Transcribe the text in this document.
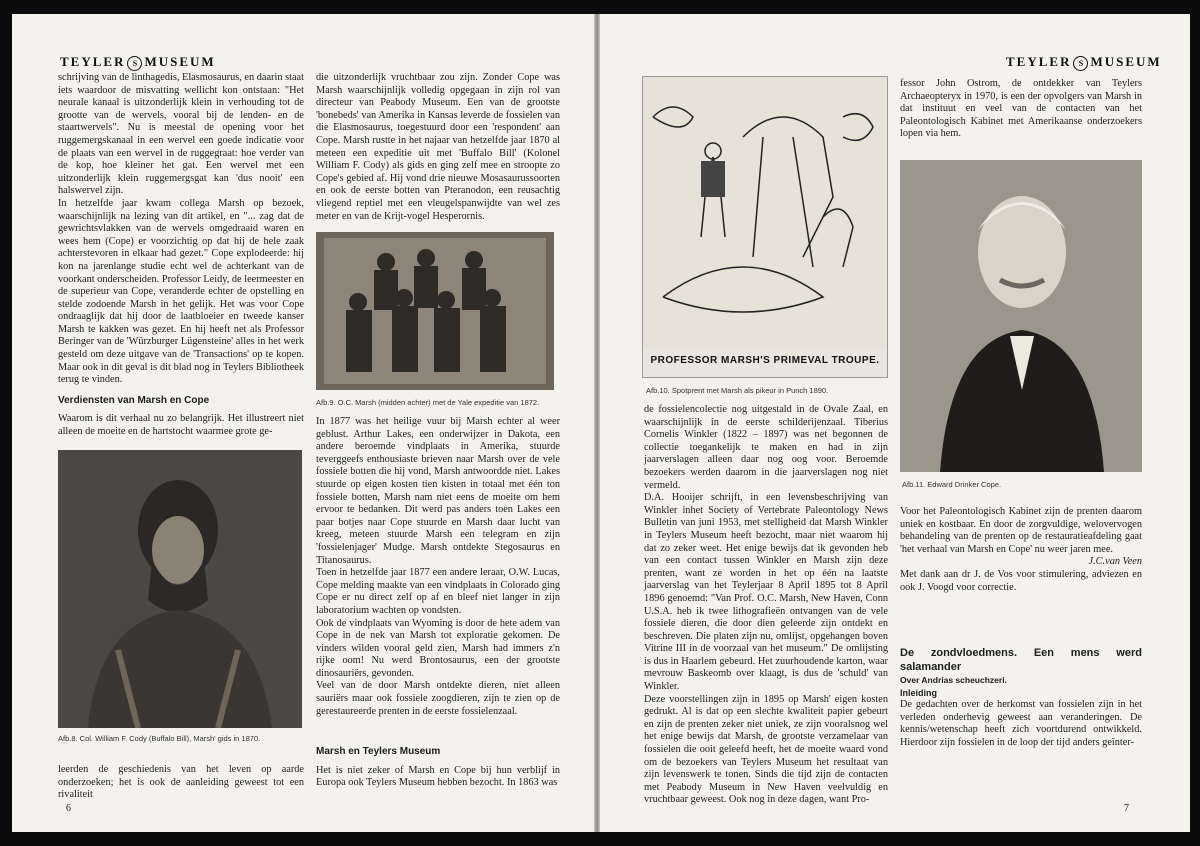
TEYLER S MUSEUM

schrijving van de linthagedis, Elasmosaurus, en daarin staat iets waardoor de misvatting wellicht kon ontstaan: "Het neurale kanaal is uitzonderlijk klein in verhouding tot de grootte van de wervels, vooral bij de lenden- en de staartwervels". Nu is meestal de opening voor het ruggemergskanaal in een wervel een goede indicatie voor de plaats van een wervel in de ruggegraat: hoe verder van de kop, hoe kleiner het gat. Een wervel met een uitzonderlijk klein ruggemergsgat kan 'dus nooit' een halswervel zijn.

In hetzelfde jaar kwam collega Marsh op bezoek, waarschijnlijk na lezing van dit artikel, en "... zag dat de gewrichtsvlakken van de wervels omgedraaid waren en wees hem (Cope) er voorzichtig op dat hij de hele zaak achterstevoren in elkaar had gezet." Cope explodeerde: hij kon na jarenlange studie echt wel de achterkant van de voorkant onderscheiden. Professor Leidy, de leermeester en de superieur van Cope, veranderde echter de opstelling en stelde zodoende Marsh in het gelijk. Het was voor Cope ondraaglijk dat hij door de laatbloeier en tweede kanser Marsh te kakken was gezet. En hij heeft net als Professor Beringer van de 'Würzburger Lügensteine' alles in het werk gesteld om deze uitgave van de 'Transactions' op te kopen. Maar ook in dit geval is dit blad nog in Teylers Bibliotheek terug te vinden.

Verdiensten van Marsh en Cope

Waarom is dit verhaal nu zo belangrijk. Het illustreert niet alleen de moeite en de hartstocht waarmee grote ge-

Afb.8. Col. William F. Cody (Buffalo Bill), Marsh' gids in 1870.

leerden de geschiedenis van het leven op aarde onderzoeken; het is ook de aanleiding geweest tot een rivaliteit

die uitzonderlijk vruchtbaar zou zijn. Zonder Cope was Marsh waarschijnlijk volledig opgegaan in zijn rol van directeur van Peabody Museum. Een van de grootste 'bonebeds' van Amerika in Kansas leverde de fossielen van die Elasmosaurus, toegestuurd door een 'respondent' aan Cope. Marsh rustte in het najaar van hetzelfde jaar 1870 al meteen een expeditie uit met 'Buffalo Bill' (Kolonel William F. Cody) als gids en ging zelf mee en stroopte zo Cope's gebied af. Hij vond drie nieuwe Mosasaurussoorten en ook de eerste botten van Pteranodon, een reusachtig vliegend reptiel met een vleugelspanwijdte van wel zes meter en van de Krijt-vogel Hesperornis.

Afb.9. O.C. Marsh (midden achter) met de Yale expeditie van 1872.

In 1877 was het heilige vuur bij Marsh echter al weer geblust. Arthur Lakes, een onderwijzer in Dakota, een andere beroemde vindplaats in Amerika, stuurde teverggeefs enthousiaste brieven naar Marsh over de vele fossiele botten die hij vond, Marsh antwoordde niet. Lakes stuurde op eigen kosten tien kisten in totaal met één ton fossiele botten, Marsh nam niet eens de moeite om hem ervoor te bedanken. Dit werd pas anders toen Lakes een paar botjes naar Cope stuurde en Marsh daar lucht van kreeg, meteen stuurde Marsh een telegram en zijn 'fossielenjager' Mudge. Marsh ontdekte Stegosaurus en Titanosaurus.

Toen in hetzelfde jaar 1877 een andere leraar, O.W. Lucas, Cope melding maakte van een vindplaats in Colorado ging Cope er nu direct zelf op af en bleef niet langer in zijn laboratorium wachten op vondsten.

Ook de vindplaats van Wyoming is door de hete adem van Cope in de nek van Marsh tot exploratie gekomen. De vinders wilden vooral geld zien, Marsh had immers z'n rijke oom! Nu werd Brontosaurus, een der grootste dinosauriërs, gevonden.

Veel van de door Marsh ontdekte dieren, niet alleen sauriërs maar ook fossiele zoogdieren, zijn te zien op de gerestaureerde prenten in de eerste fossielenzaal.

Marsh en Teylers Museum

Het is niet zeker of Marsh en Cope bij hun verblijf in Europa ook Teylers Museum hebben bezocht. In 1863 was

6
TEYLER S MUSEUM
PROFESSOR MARSH'S PRIMEVAL TROUPE.
Afb.10. Spotprent met Marsh als pikeur in Punch 1890.

de fossielencolectie nog uitgestald in de Ovale Zaal, en waarschijnlijk in de eerste schilderijenzaal. Tiberius Cornelis Winkler (1822 – 1897) was net begonnen de collectie toegankelijk te maken en had in zijn jaarverslagen alleen daar nog oog voor. Beroemde bezoekers werden daarom in die jaarverslagen nog niet vermeld.

D.A. Hooijer schrijft, in een levensbeschrijving van Winkler inhet Society of Vertebrate Paleontology News Bulletin van juni 1953, met stelligheid dat Marsh Winkler in Teylers Museum heeft bezocht, maar niet waarom hij dat zo zeker weet. Het enige bewijs dat ik gevonden heb van een contact tussen Winkler en Marsh zijn deze prenten, want ze worden in het op één na laatste jaarverslag van het Teylerjaar 8 April 1895 tot 8 April 1896 genoemd: "Van Prof. O.C. Marsh, New Haven, Conn U.S.A. heb ik twee lithografieën ontvangen van de vele fossiele dieren, die door dien geleerde zijn ontdekt en beschreven. Die platen zijn nu, omlijst, opgehangen boven Vitrine III in de voorzaal van het museum." De omlijsting is dus in Haarlem gebeurd. Het zuurhoudende karton, waar mevrouw Baskeomb over klaagt, is dus de 'schuld' van Winkler.

Deze voorstellingen zijn in 1895 op Marsh' eigen kosten gedrukt. Al is dat op een slechte kwaliteit papier gebeurt en zijn de prenten zeker niet uniek, ze zijn vooralsnog wel het enige bewijs dat Marsh, de grootste verzamelaar van fossielen die ooit geleefd heeft, het de moeite waard vond om de bezoekers van Teylers Museum het resultaat van zijn levenswerk te tonen. Sinds die tijd zijn de contacten met Peabody Museum in New Haven veelvuldig en vruchtbaar geweest. Ook nog in deze dagen, want Pro-

fessor John Ostrom, de ontdekker van Teylers Archaeopteryx in 1970, is een der opvolgers van Marsh in dat instituut en veel van de contacten van het Paleontologisch Kabinet met Amerikaanse onderzoekers lopen via hem.

Afb.11. Edward Drinker Cope.

Voor het Paleontologisch Kabinet zijn de prenten daarom uniek en kostbaar. En door de zorgvuldige, welovervogen behandeling van de prenten op de restauratieafdeling gaat 'het verhaal van Marsh en Cope' nu weer jaren mee.

J.C.van Veen

Met dank aan dr J. de Vos voor stimulering, adviezen en ook J. Voogd voor correctie.

De zondvloedmens. Een mens werd salamander

Over Andrias scheuchzeri.

Inleiding

De gedachten over de herkomst van fossielen zijn in het verleden onderhevig geweest aan veranderingen. De kennis/wetenschap heeft zich voortdurend ontwikkeld. Hierdoor zijn fossielen in de loop der tijd anders geïnter-

7
